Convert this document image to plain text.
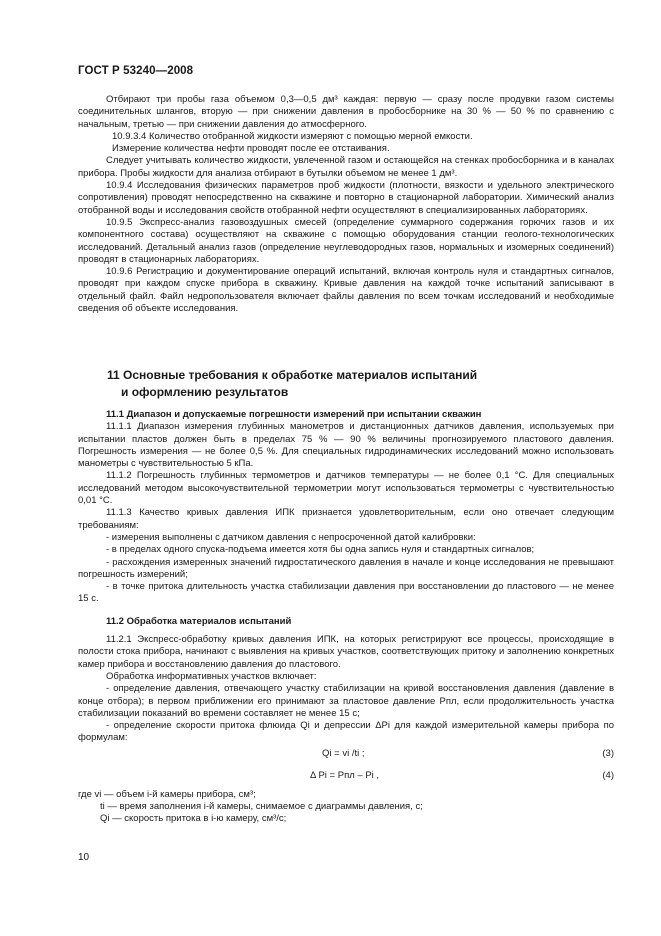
ГОСТ Р 53240—2008

Отбирают три пробы газа объемом 0,3—0,5 дм³ каждая: первую — сразу после продувки газом системы соединительных шлангов, вторую — при снижении давления в пробосборнике на 30 % — 50 % по сравнению с начальным, третью — при снижении давления до атмосферного.

10.9.3.4 Количество отобранной жидкости измеряют с помощью мерной емкости.

Измерение количества нефти проводят после ее отстаивания.

Следует учитывать количество жидкости, увлеченной газом и остающейся на стенках пробосборника и в каналах прибора. Пробы жидкости для анализа отбирают в бутылки объемом не менее 1 дм³.

10.9.4 Исследования физических параметров проб жидкости (плотности, вязкости и удельного электрического сопротивления) проводят непосредственно на скважине и повторно в стационарной лаборатории. Химический анализ отобранной воды и исследования свойств отобранной нефти осуществляют в специализированных лабораториях.

10.9.5 Экспресс-анализ газовоздушных смесей (определение суммарного содержания горючих газов и их компонентного состава) осуществляют на скважине с помощью оборудования станции геолого-технологических исследований. Детальный анализ газов (определение неуглеводородных газов, нормальных и изомерных соединений) проводят в стационарных лабораториях.

10.9.6 Регистрацию и документирование операций испытаний, включая контроль нуля и стандартных сигналов, проводят при каждом спуске прибора в скважину. Кривые давления на каждой точке испытаний записывают в отдельный файл. Файл недропользователя включает файлы давления по всем точкам исследований и необходимые сведения об объекте исследования.

11 Основные требования к обработке материалов испытаний
и оформлению результатов

11.1 Диапазон и допускаемые погрешности измерений при испытании скважин

11.1.1 Диапазон измерения глубинных манометров и дистанционных датчиков давления, используемых при испытании пластов должен быть в пределах 75 % — 90 % величины прогнозируемого пластового давления. Погрешность измерения — не более 0,5 %. Для специальных гидродинамических исследований можно использовать манометры с чувствительностью 5 кПа.

11.1.2 Погрешность глубинных термометров и датчиков температуры — не более 0,1 °С. Для специальных исследований методом высокочувствительной термометрии могут использоваться термометры с чувствительностью 0,01 °С.

11.1.3 Качество кривых давления ИПК признается удовлетворительным, если оно отвечает следующим требованиям:

- измерения выполнены с датчиком давления с непросроченной датой калибровки:

- в пределах одного спуска-подъема имеется хотя бы одна запись нуля и стандартных сигналов;

- расхождения измеренных значений гидростатического давления в начале и конце исследования не превышают погрешность измерений;

- в точке притока длительность участка стабилизации давления при восстановлении до пластового — не менее 15 с.

11.2 Обработка материалов испытаний

11.2.1 Экспресс-обработку кривых давления ИПК, на которых регистрируют все процессы, происходящие в полости стока прибора, начинают с выявления на кривых участков, соответствующих притоку и заполнению конкретных камер прибора и восстановлению давления до пластового.

Обработка информативных участков включает:

- определение давления, отвечающего участку стабилизации на кривой восстановления давления (давление в конце отбора); в первом приближении его принимают за пластовое давление Pпл, если продолжительность участка стабилизации показаний во времени составляет не менее 15 с;

- определение скорости притока флюида Qi и депрессии ΔPi для каждой измерительной камеры прибора по формулам:

Qi = vi /ti ;	(3)
Δ Pi = Pпл – Pi ,	(4)

где vi — объем i-й камеры прибора, см³;

ti — время заполнения i-й камеры, снимаемое с диаграммы давления, с;

Qi — скорость притока в i-ю камеру, см³/с;

10
